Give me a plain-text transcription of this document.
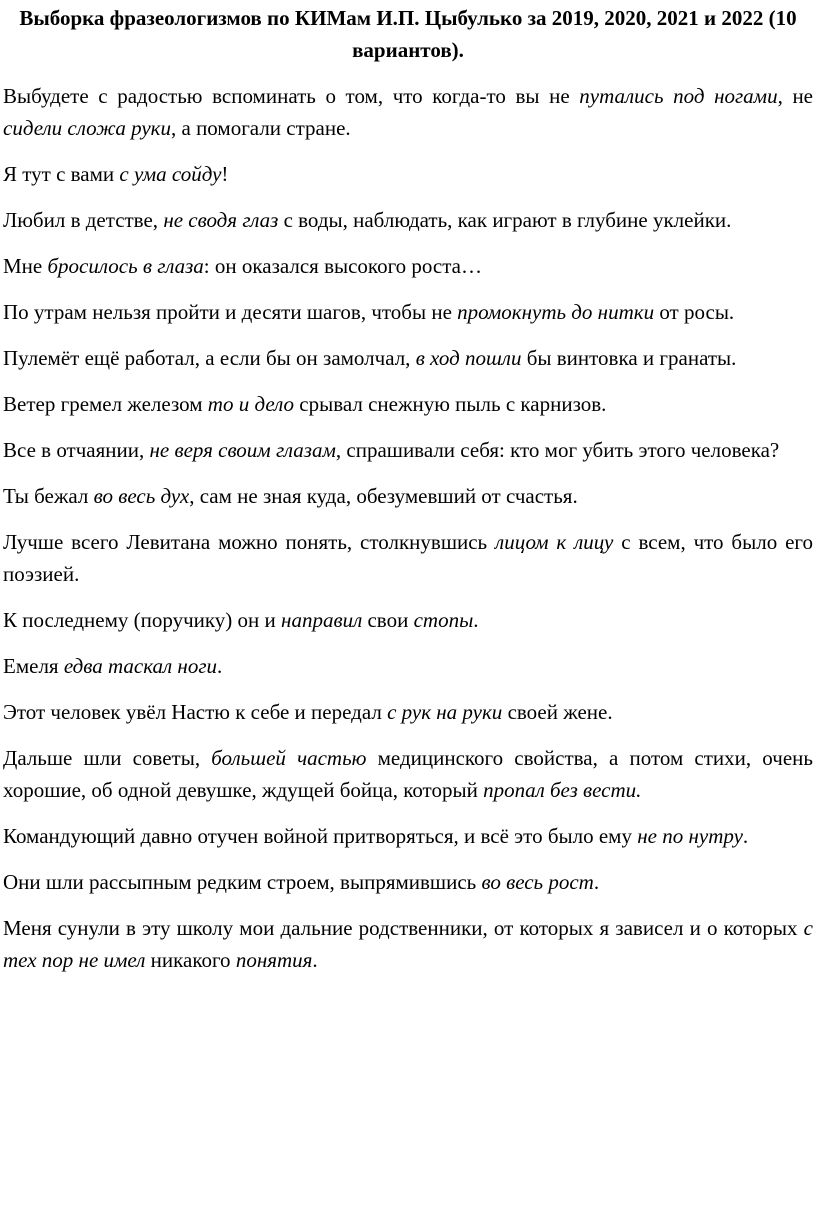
Выборка фразеологизмов по КИМам И.П. Цыбулько за 2019, 2020, 2021 и 2022 (10 вариантов).

Выбудете с радостью вспоминать о том, что когда-то вы не путались под ногами, не сидели сложа руки, а помогали стране.

Я тут с вами с ума сойду!

Любил в детстве, не сводя глаз с воды, наблюдать, как играют в глубине уклейки.

Мне бросилось в глаза: он оказался высокого роста…

По утрам нельзя пройти и десяти шагов, чтобы не промокнуть до нитки от росы.

Пулемёт ещё работал, а если бы он замолчал, в ход пошли бы винтовка и гранаты.

Ветер гремел железом то и дело срывал снежную пыль с карнизов.

Все в отчаянии, не веря своим глазам, спрашивали себя: кто мог убить этого человека?

Ты бежал во весь дух, сам не зная куда, обезумевший от счастья.

Лучше всего Левитана можно понять, столкнувшись лицом к лицу с всем, что было его поэзией.

К последнему (поручику) он и направил свои стопы.

Емеля едва таскал ноги.

Этот человек увёл Настю к себе и передал с рук на руки своей жене.

Дальше шли советы, большей частью медицинского свойства, а потом стихи, очень хорошие, об одной девушке, ждущей бойца, который пропал без вести.

Командующий давно отучен войной притворяться, и всё это было ему не по нутру.

Они шли рассыпным редким строем, выпрямившись во весь рост.

Меня сунули в эту школу мои дальние родственники, от которых я зависел и о которых с тех пор не имел никакого понятия.
